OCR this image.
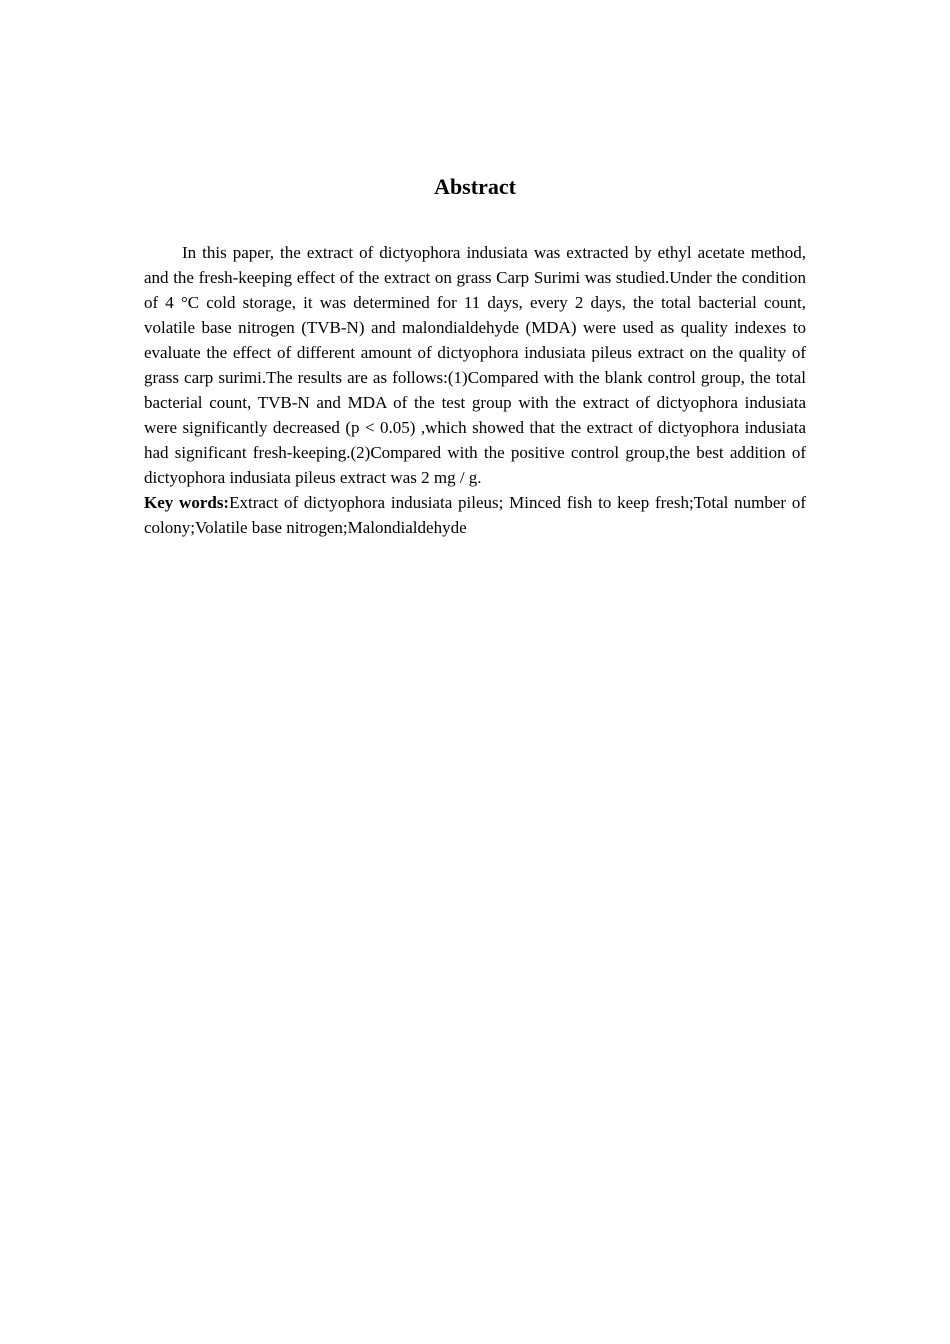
Abstract

In this paper, the extract of dictyophora indusiata was extracted by ethyl acetate method, and the fresh-keeping effect of the extract on grass Carp Surimi was studied.Under the condition of 4 °C cold storage, it was determined for 11 days, every 2 days, the total bacterial count, volatile base nitrogen (TVB-N) and malondialdehyde (MDA) were used as quality indexes to evaluate the effect of different amount of dictyophora indusiata pileus extract on the quality of grass carp surimi.The results are as follows:(1)Compared with the blank control group, the total bacterial count, TVB-N and MDA of the test group with the extract of dictyophora indusiata were significantly decreased (p < 0.05) ,which showed that the extract of dictyophora indusiata had significant fresh-keeping.(2)Compared with the positive control group,the best addition of dictyophora indusiata pileus extract was 2 mg / g.

Key words:Extract of dictyophora indusiata pileus; Minced fish to keep fresh;Total number of colony;Volatile base nitrogen;Malondialdehyde
